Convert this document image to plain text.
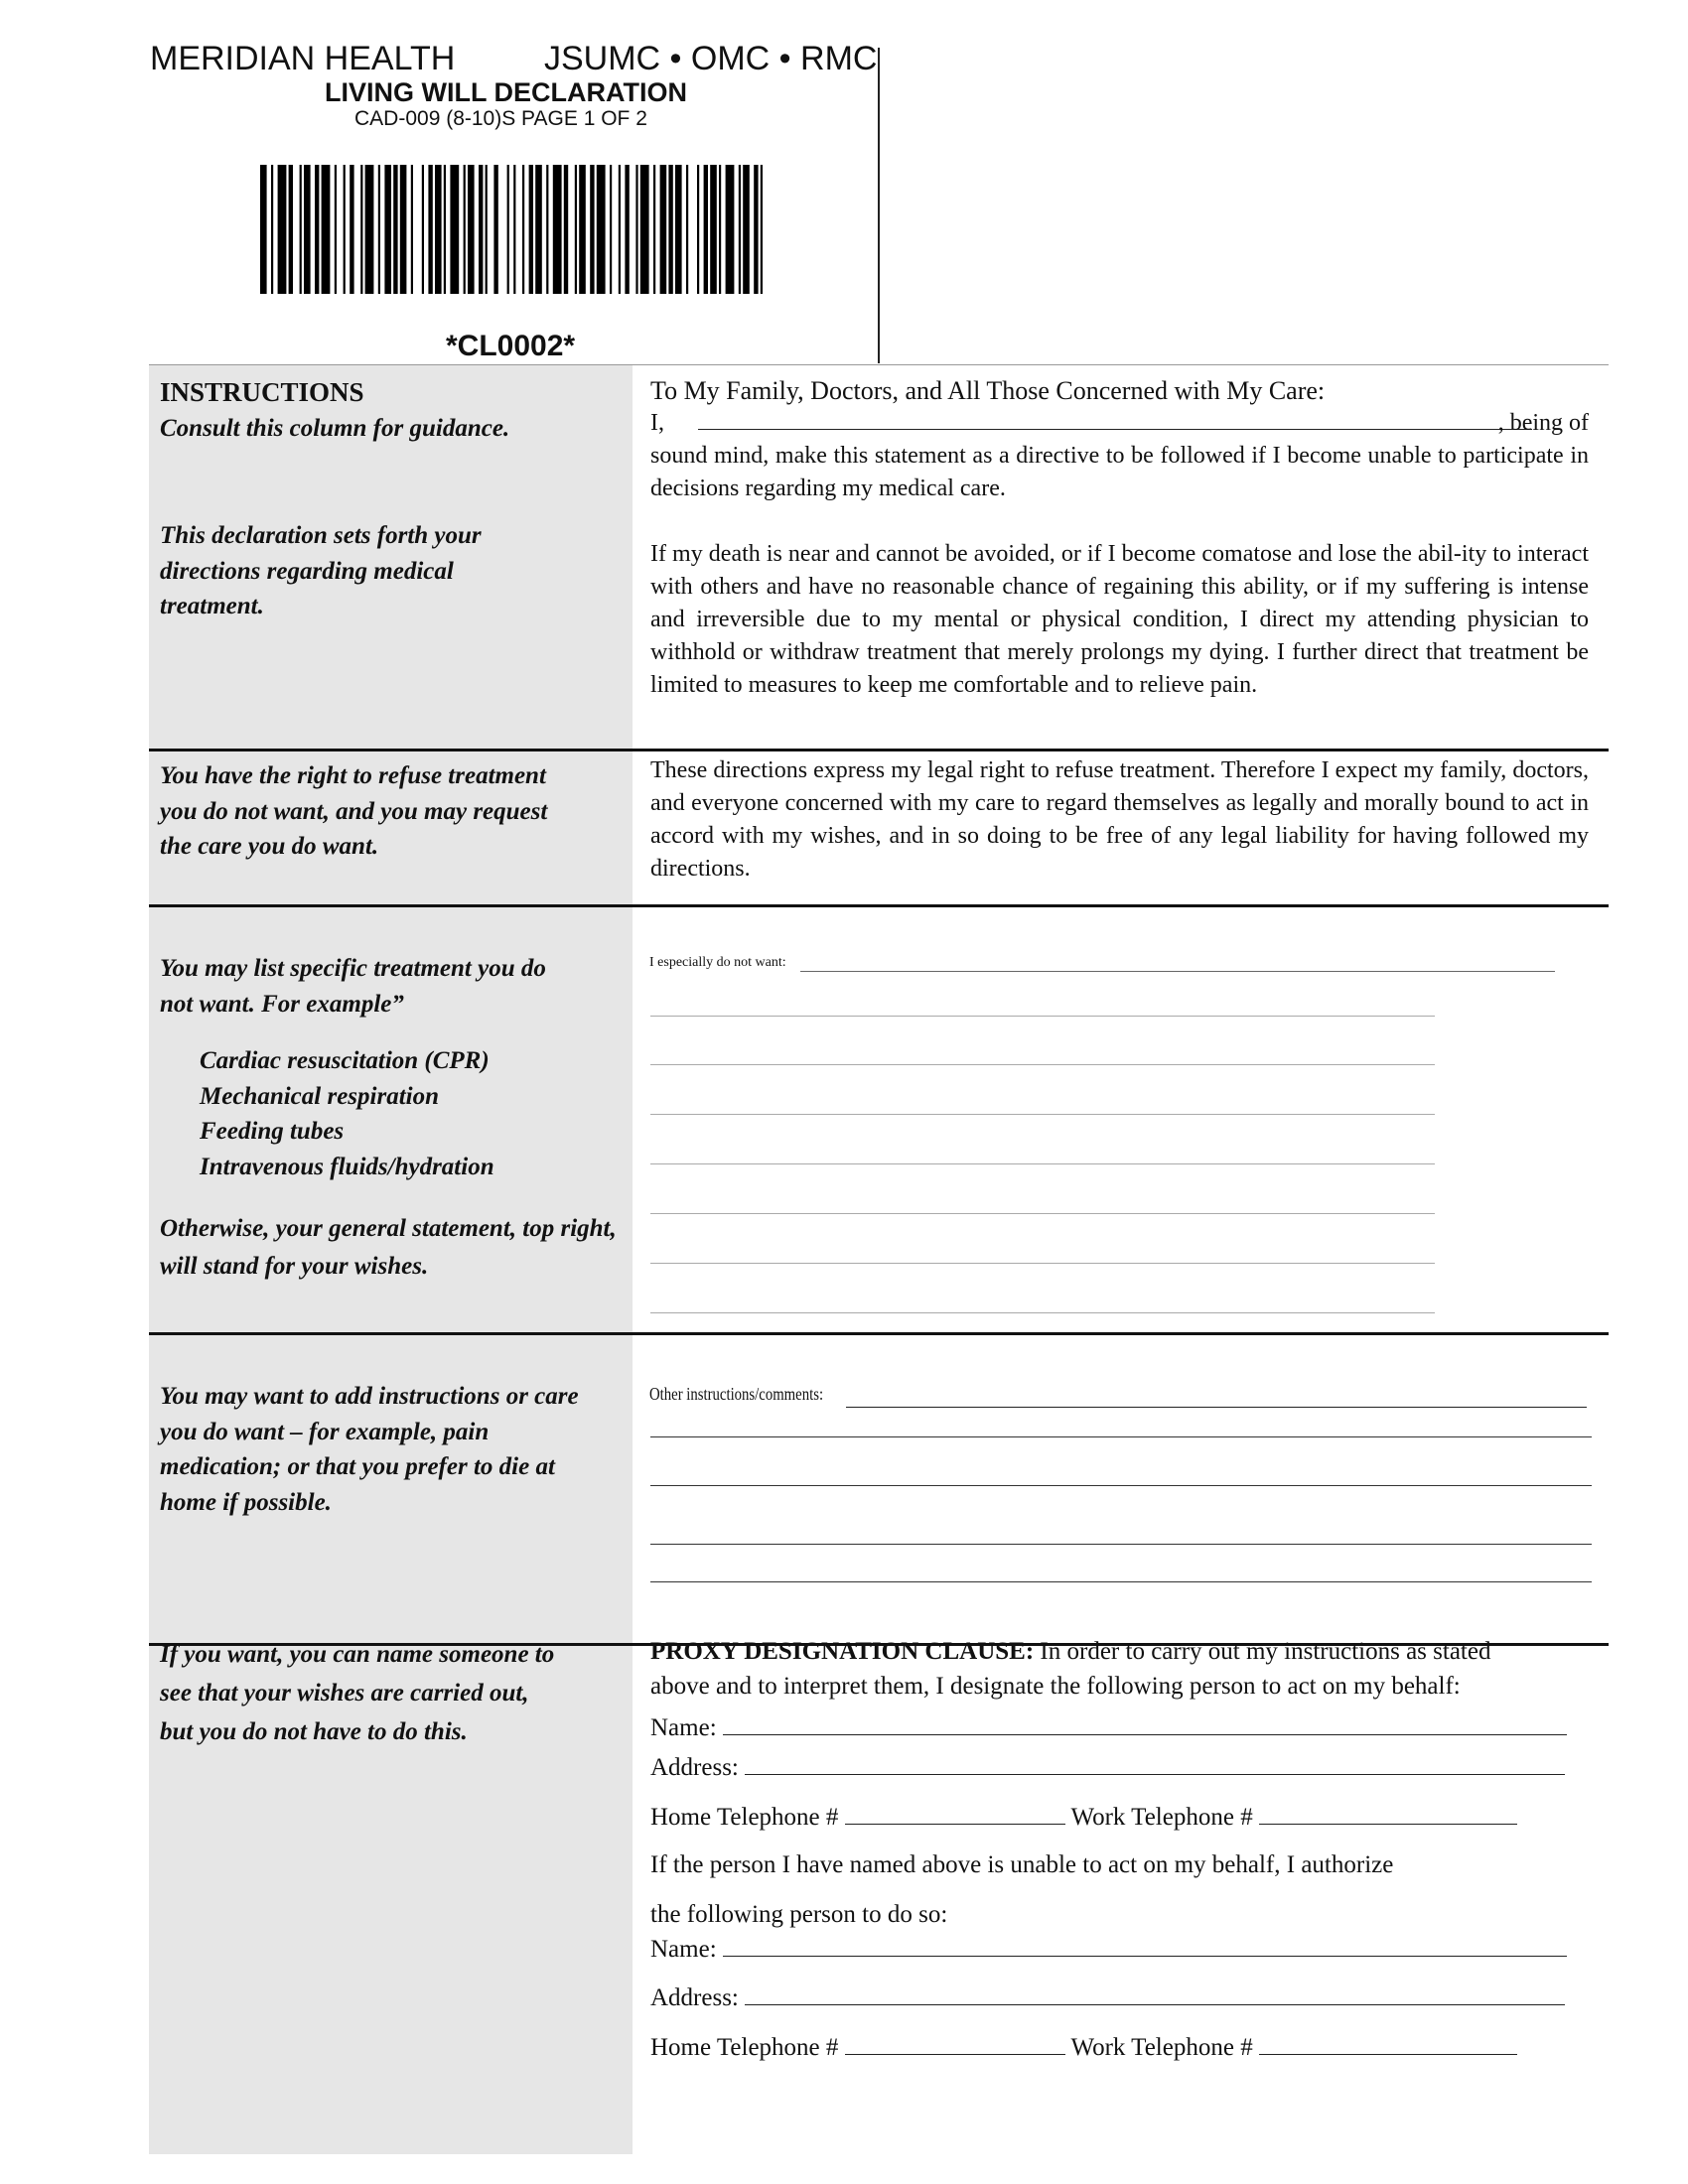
MERIDIAN HEALTH	JSUMC • OMC • RMC
LIVING WILL DECLARATION
CAD-009 (8-10)S PAGE 1 OF 2
*CL0002*
INSTRUCTIONS
Consult this column for guidance.
This declaration sets forth your directions regarding medical treatment.
You have the right to refuse treatment you do not want, and you may request the care you do want.
You may list specific treatment you do not want. For example”
Cardiac resuscitation (CPR)
Mechanical respiration
Feeding tubes
Intravenous fluids/hydration
Otherwise, your general statement, top right, will stand for your wishes.
You may want to add instructions or care you do want – for example, pain medication; or that you prefer to die at home if possible.
If you want, you can name someone to see that your wishes are carried out, but you do not have to do this.
To My Family, Doctors, and All Those Concerned with My Care:
I,	, being of
sound mind, make this statement as a directive to be followed if I become unable to participate in decisions regarding my medical care.
If my death is near and cannot be avoided, or if I become comatose and lose the abil-ity to interact with others and have no reasonable chance of regaining this ability, or if my suffering is intense and irreversible due to my mental or physical condition, I direct my attending physician to withhold or withdraw treatment that merely prolongs my dying. I further direct that treatment be limited to measures to keep me comfortable and to relieve pain.
These directions express my legal right to refuse treatment. Therefore I expect my family, doctors, and everyone concerned with my care to regard themselves as legally and morally bound to act in accord with my wishes, and in so doing to be free of any legal liability for having followed my directions.
I especially do not want:
Other instructions/comments:
PROXY DESIGNATION CLAUSE: In order to carry out my instructions as stated
above and to interpret them, I designate the following person to act on my behalf:
Name:
Address:
Home Telephone #	Work Telephone #
If the person I have named above is unable to act on my behalf, I authorize
the following person to do so:
Name:
Address:
Home Telephone #	Work Telephone #
